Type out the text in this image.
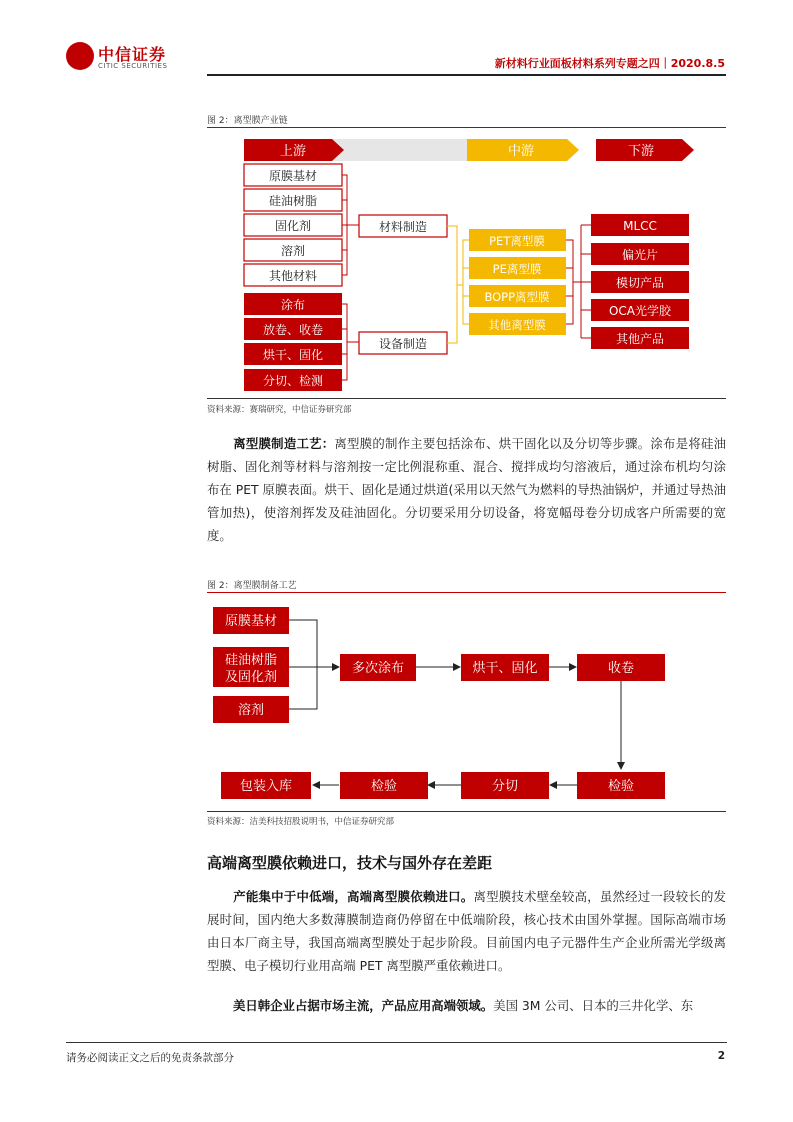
中信证券
CITIC SECURITIES	新材料行业面板材料系列专题之四｜2020.8.5
图 2：离型膜产业链
上游	中游	下游
原膜基材
硅油树脂
固化剂
溶剂
其他材料
涂布
放卷、收卷
烘干、固化
分切、检测
材料制造
设备制造
PET离型膜
PE离型膜
BOPP离型膜
其他离型膜
MLCC
偏光片
模切产品
OCA光学胶
其他产品
资料来源：赛瑞研究，中信证券研究部
离型膜制造工艺：离型膜的制作主要包括涂布、烘干固化以及分切等步骤。涂布是将硅油树脂、固化剂等材料与溶剂按一定比例混称重、混合、搅拌成均匀溶液后，通过涂布机均匀涂布在 PET 原膜表面。烘干、固化是通过烘道(采用以天然气为燃料的导热油锅炉，并通过导热油管加热)，使溶剂挥发及硅油固化。分切要采用分切设备，将宽幅母卷分切成客户所需要的宽度。
图 2：离型膜制备工艺
原膜基材
硅油树脂
及固化剂
溶剂
多次涂布	烘干、固化	收卷
检验
分切
检验
包装入库
资料来源：洁美科技招股说明书，中信证券研究部
高端离型膜依赖进口，技术与国外存在差距
产能集中于中低端，高端离型膜依赖进口。离型膜技术壁垒较高，虽然经过一段较长的发展时间，国内绝大多数薄膜制造商仍停留在中低端阶段，核心技术由国外掌握。国际高端市场由日本厂商主导，我国高端离型膜处于起步阶段。目前国内电子元器件生产企业所需光学级离型膜、电子模切行业用高端 PET 离型膜严重依赖进口。
美日韩企业占据市场主流，产品应用高端领域。美国 3M 公司、日本的三井化学、东
请务必阅读正文之后的免责条款部分	2
